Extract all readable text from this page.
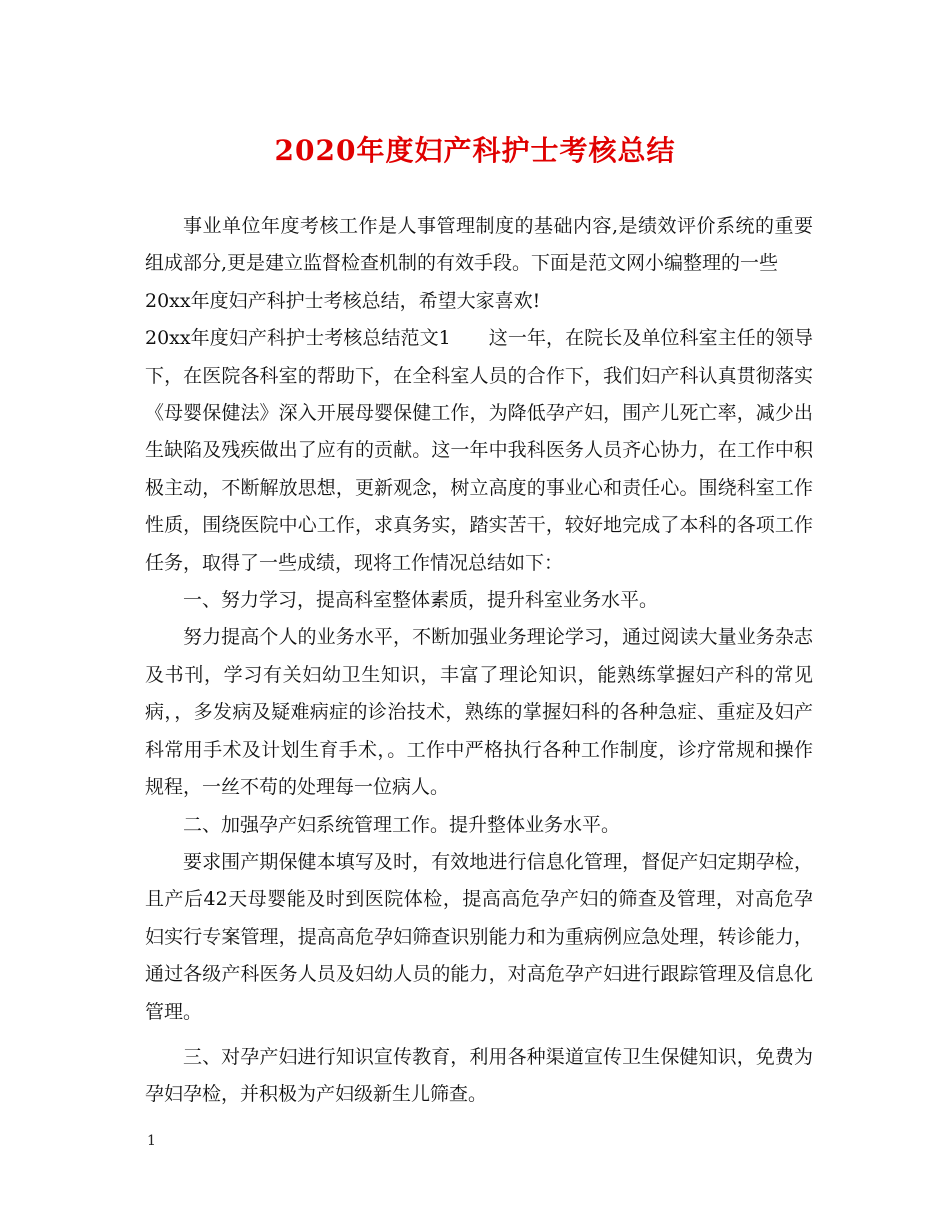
2020年度妇产科护士考核总结

事业单位年度考核工作是人事管理制度的基础内容,是绩效评价系统的重要组成部分,更是建立监督检查机制的有效手段。下面是范文网小编整理的一些

20xx年度妇产科护士考核总结，希望大家喜欢!

20xx年度妇产科护士考核总结范文1 这一年，在院长及单位科室主任的领导下，在医院各科室的帮助下，在全科室人员的合作下，我们妇产科认真贯彻落实《母婴保健法》深入开展母婴保健工作，为降低孕产妇，围产儿死亡率，减少出生缺陷及残疾做出了应有的贡献。这一年中我科医务人员齐心协力，在工作中积极主动，不断解放思想，更新观念，树立高度的事业心和责任心。围绕科室工作性质，围绕医院中心工作，求真务实，踏实苦干，较好地完成了本科的各项工作任务，取得了一些成绩，现将工作情况总结如下：

一、努力学习，提高科室整体素质，提升科室业务水平。

努力提高个人的业务水平，不断加强业务理论学习，通过阅读大量业务杂志及书刊，学习有关妇幼卫生知识，丰富了理论知识，能熟练掌握妇产科的常见病，，多发病及疑难病症的诊治技术，熟练的掌握妇科的各种急症、重症及妇产科常用手术及计划生育手术，。工作中严格执行各种工作制度，诊疗常规和操作规程，一丝不苟的处理每一位病人。

二、加强孕产妇系统管理工作。提升整体业务水平。

要求围产期保健本填写及时，有效地进行信息化管理，督促产妇定期孕检，且产后42天母婴能及时到医院体检，提高高危孕产妇的筛查及管理，对高危孕妇实行专案管理，提高高危孕妇筛查识别能力和为重病例应急处理，转诊能力，通过各级产科医务人员及妇幼人员的能力，对高危孕产妇进行跟踪管理及信息化管理。

三、对孕产妇进行知识宣传教育，利用各种渠道宣传卫生保健知识，免费为孕妇孕检，并积极为产妇级新生儿筛查。

1
